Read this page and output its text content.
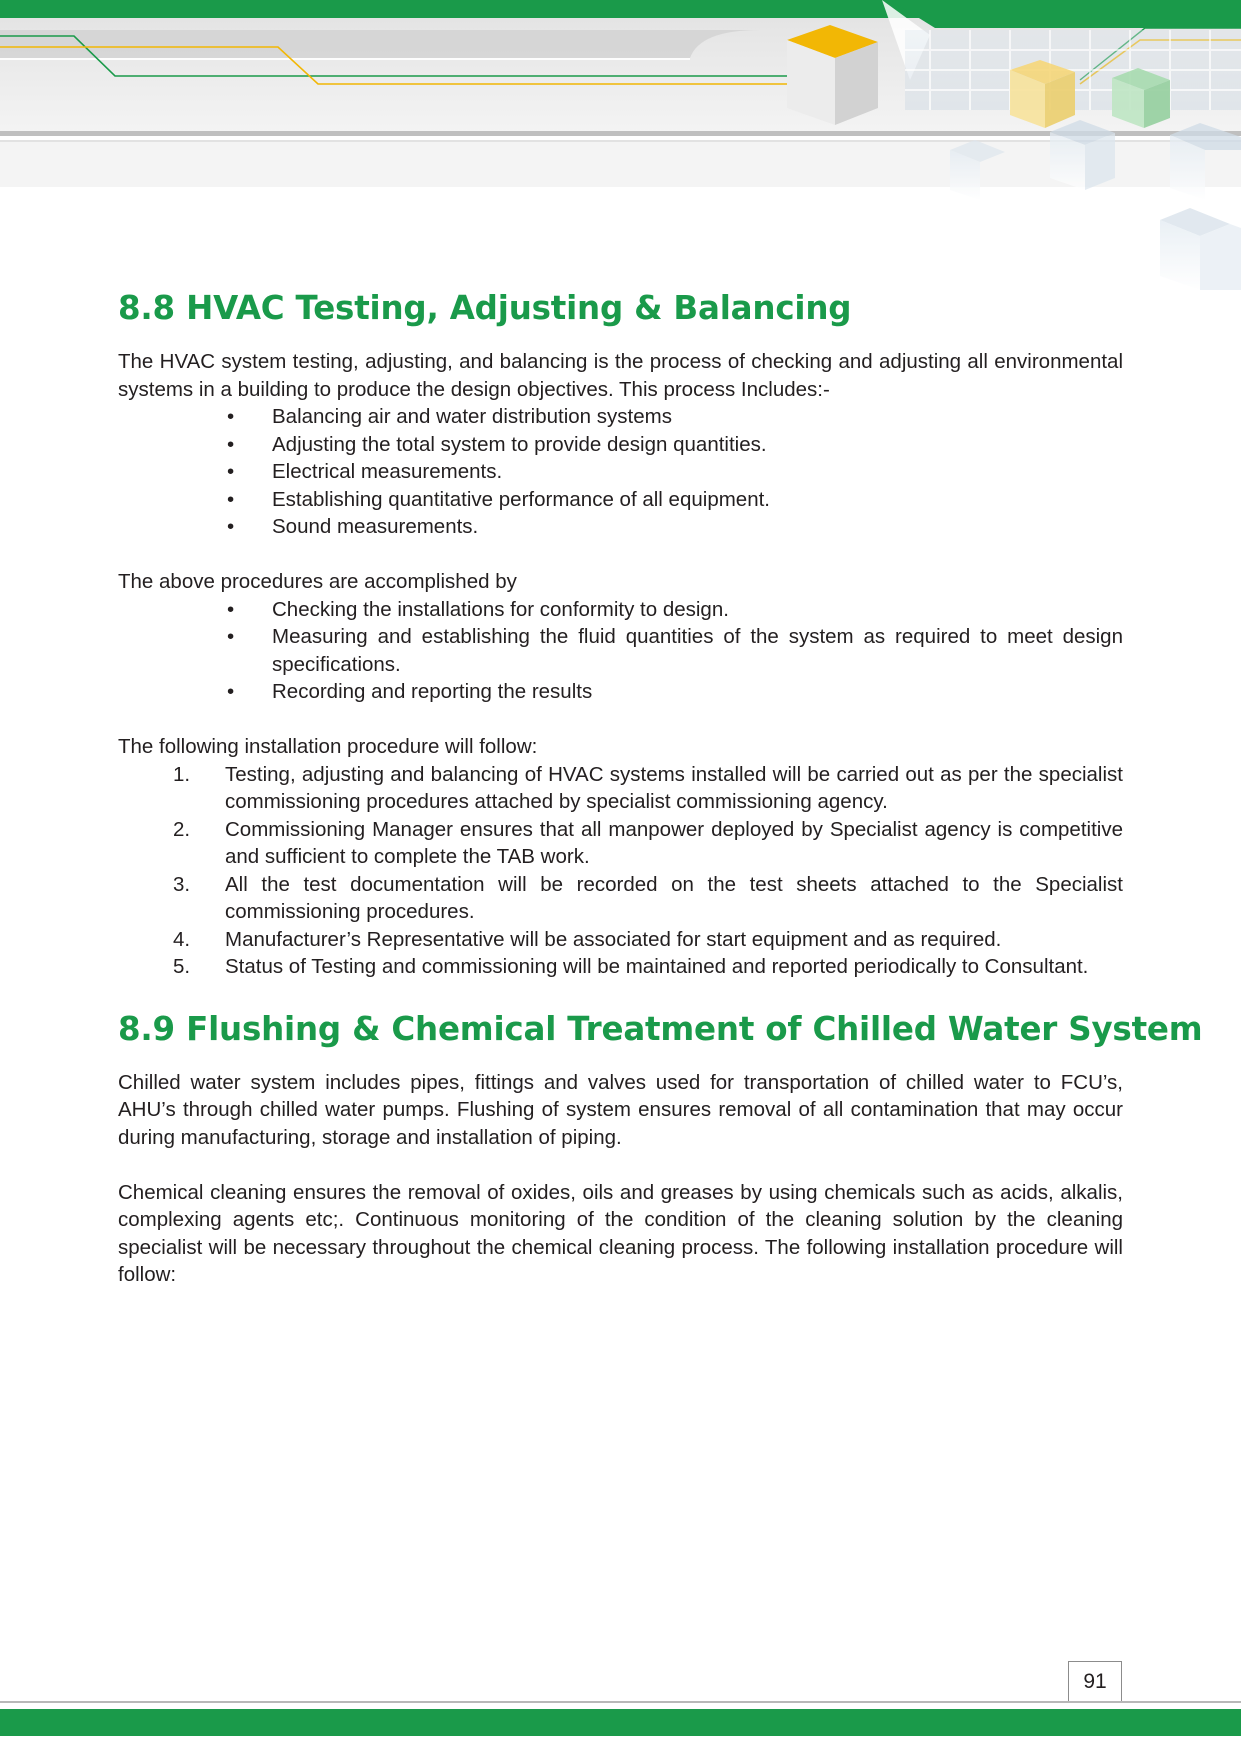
8.8 HVAC Testing, Adjusting & Balancing

The HVAC system testing, adjusting, and balancing is the process of checking and adjusting all environmental systems in a building to produce the design objectives. This process Includes:-

• Balancing air and water distribution systems
• Adjusting the total system to provide design quantities.
• Electrical measurements.
• Establishing quantitative performance of all equipment.
• Sound measurements.

The above procedures are accomplished by

• Checking the installations for conformity to design.
• Measuring and establishing the fluid quantities of the system as required to meet design specifications.
• Recording and reporting the results

The following installation procedure will follow:

1.	Testing, adjusting and balancing of HVAC systems installed will be carried out as per the specialist commissioning procedures attached by specialist commissioning agency.
2.	Commissioning Manager ensures that all manpower deployed by Specialist agency is competitive and sufficient to complete the TAB work.
3.	All the test documentation will be recorded on the test sheets attached to the Specialist commissioning procedures.
4.	Manufacturer’s Representative will be associated for start equipment and as required.
5.	Status of Testing and commissioning will be maintained and reported periodically to Consultant.
8.9 Flushing & Chemical Treatment of Chilled Water System

Chilled water system includes pipes, fittings and valves used for transportation of chilled water to FCU’s, AHU’s through chilled water pumps. Flushing of system ensures removal of all contamination that may occur during manufacturing, storage and installation of piping.

Chemical cleaning ensures the removal of oxides, oils and greases by using chemicals such as acids, alkalis, complexing agents etc;. Continuous monitoring of the condition of the cleaning solution by the cleaning specialist will be necessary throughout the chemical cleaning process. The following installation procedure will follow:

91
